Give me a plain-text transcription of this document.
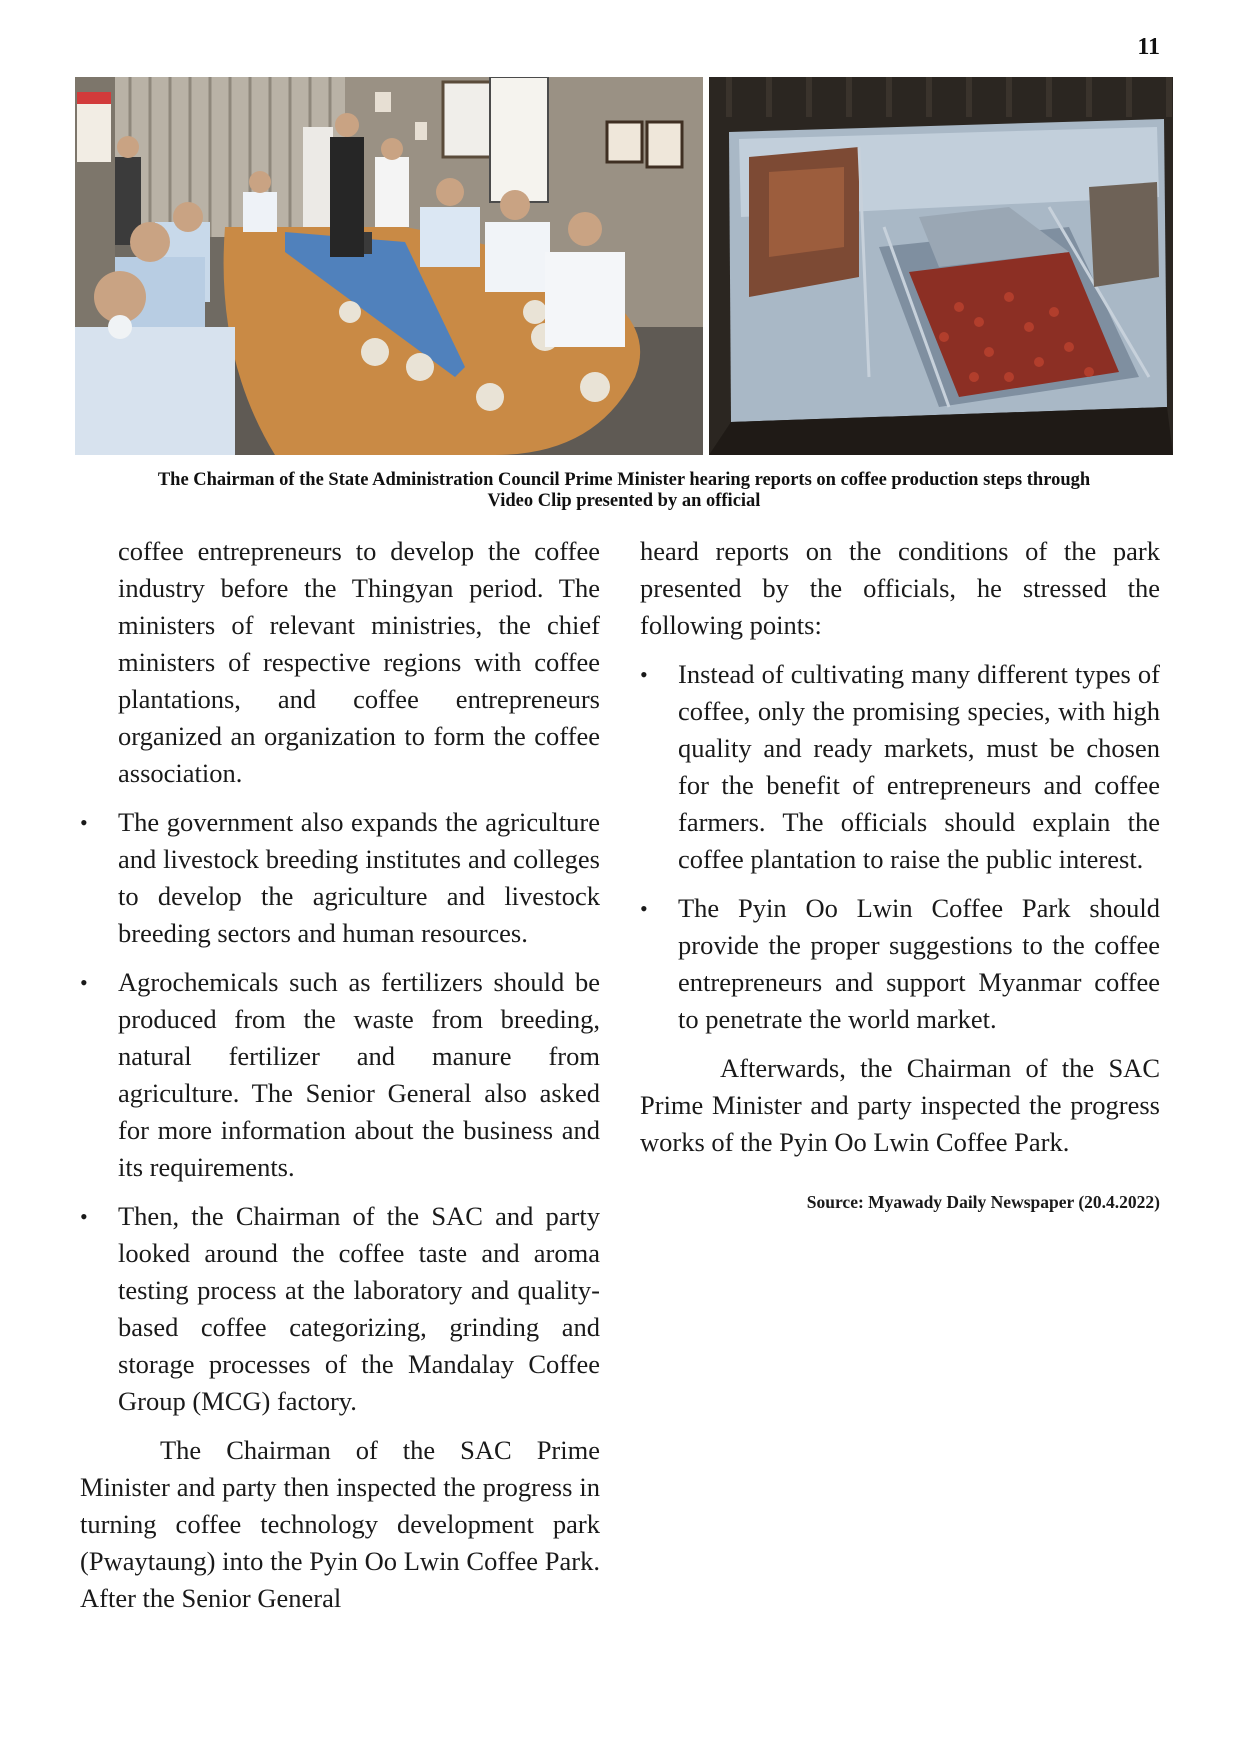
11
The Chairman of the State Administration Council Prime Minister hearing reports on coffee production steps through
Video Clip presented by an official

coffee entrepreneurs to develop the coffee industry before the Thingyan period. The ministers of relevant ministries, the chief ministers of respective regions with coffee plantations, and coffee entrepreneurs organized an organization to form the coffee association.

• The government also expands the agriculture and livestock breeding institutes and colleges to develop the agriculture and livestock breeding sectors and human resources.
• Agrochemicals such as fertilizers should be produced from the waste from breeding, natural fertilizer and manure from agriculture. The Senior General also asked for more information about the business and its requirements.
• Then, the Chairman of the SAC and party looked around the coffee taste and aroma testing process at the laboratory and quality-based coffee categorizing, grinding and storage processes of the Mandalay Coffee Group (MCG) factory.

The Chairman of the SAC Prime Minister and party then inspected the progress in turning coffee technology development park (Pwaytaung) into the Pyin Oo Lwin Coffee Park. After the Senior General

heard reports on the conditions of the park presented by the officials, he stressed the following points:

• Instead of cultivating many different types of coffee, only the promising species, with high quality and ready markets, must be chosen for the benefit of entrepreneurs and coffee farmers. The officials should explain the coffee plantation to raise the public interest.
• The Pyin Oo Lwin Coffee Park should provide the proper suggestions to the coffee entrepreneurs and support Myanmar coffee to penetrate the world market.

Afterwards, the Chairman of the SAC Prime Minister and party inspected the progress works of the Pyin Oo Lwin Coffee Park.

Source: Myawady Daily Newspaper (20.4.2022)
